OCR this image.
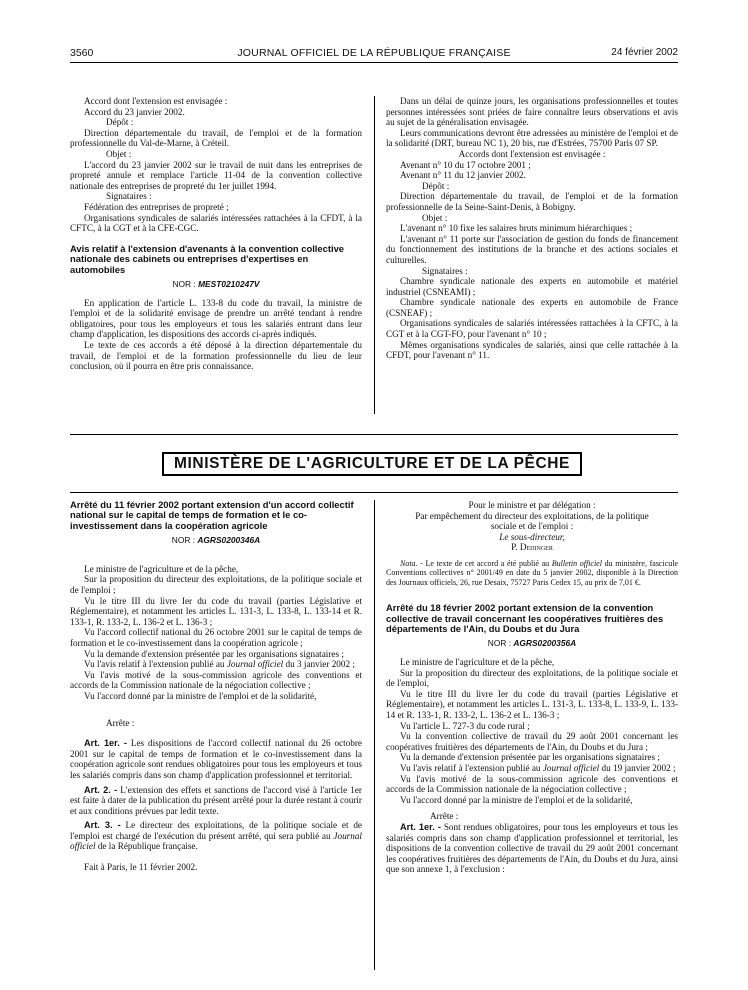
3560	JOURNAL OFFICIEL DE LA RÉPUBLIQUE FRANÇAISE	24 février 2002

Accord dont l'extension est envisagée :

Accord du 23 janvier 2002.

Dépôt :

Direction départementale du travail, de l'emploi et de la formation professionnelle du Val-de-Marne, à Créteil.

Objet :

L'accord du 23 janvier 2002 sur le travail de nuit dans les entreprises de propreté annule et remplace l'article 11-04 de la convention collective nationale des entreprises de propreté du 1er juillet 1994.

Signataires :

Fédération des entreprises de propreté ;

Organisations syndicales de salariés intéressées rattachées à la CFDT, à la CFTC, à la CGT et à la CFE-CGC.

Avis relatif à l'extension d'avenants à la convention collective nationale des cabinets ou entreprises d'expertises en automobiles

NOR : MEST0210247V

En application de l'article L. 133-8 du code du travail, la ministre de l'emploi et de la solidarité envisage de prendre un arrêté tendant à rendre obligatoires, pour tous les employeurs et tous les salariés entrant dans leur champ d'application, les dispositions des accords ci-après indiqués.

Le texte de ces accords a été déposé à la direction départementale du travail, de l'emploi et de la formation professionnelle du lieu de leur conclusion, où il pourra en être pris connaissance.

Dans un délai de quinze jours, les organisations professionnelles et toutes personnes intéressées sont priées de faire connaître leurs observations et avis au sujet de la généralisation envisagée.

Leurs communications devront être adressées au ministère de l'emploi et de la solidarité (DRT, bureau NC 1), 20 bis, rue d'Estrées, 75700 Paris 07 SP.

Accords dont l'extension est envisagée :

Avenant n° 10 du 17 octobre 2001 ;

Avenant n° 11 du 12 janvier 2002.

Dépôt :

Direction départementale du travail, de l'emploi et de la formation professionnelle de la Seine-Saint-Denis, à Bobigny.

Objet :

L'avenant n° 10 fixe les salaires bruts minimum hiérarchiques ;

L'avenant n° 11 porte sur l'association de gestion du fonds de financement du fonctionnement des institutions de la branche et des actions sociales et culturelles.

Signataires :

Chambre syndicale nationale des experts en automobile et matériel industriel (CSNEAMI) ;

Chambre syndicale nationale des experts en automobile de France (CSNEAF) ;

Organisations syndicales de salariés intéressées rattachées à la CFTC, à la CGT et à la CGT-FO, pour l'avenant n° 10 ;

Mêmes organisations syndicales de salariés, ainsi que celle rattachée à la CFDT, pour l'avenant n° 11.

MINISTÈRE DE L'AGRICULTURE ET DE LA PÊCHE

Arrêté du 11 février 2002 portant extension d'un accord collectif national sur le capital de temps de formation et le co-investissement dans la coopération agricole

NOR : AGRS0200346A

Le ministre de l'agriculture et de la pêche,

Sur la proposition du directeur des exploitations, de la politique sociale et de l'emploi ;

Vu le titre III du livre Ier du code du travail (parties Législative et Réglementaire), et notamment les articles L. 131-3, L. 133-8, L. 133-14 et R. 133-1, R. 133-2, L. 136-2 et L. 136-3 ;

Vu l'accord collectif national du 26 octobre 2001 sur le capital de temps de formation et le co-investissement dans la coopération agricole ;

Vu la demande d'extension présentée par les organisations signataires ;

Vu l'avis relatif à l'extension publié au Journal officiel du 3 janvier 2002 ;

Vu l'avis motivé de la sous-commission agricole des conventions et accords de la Commission nationale de la négociation collective ;

Vu l'accord donné par la ministre de l'emploi et de la solidarité,

Arrête :

Art. 1er. - Les dispositions de l'accord collectif national du 26 octobre 2001 sur le capital de temps de formation et le co-investissement dans la coopération agricole sont rendues obligatoires pour tous les employeurs et tous les salariés compris dans son champ d'application professionnel et territorial.

Art. 2. - L'extension des effets et sanctions de l'accord visé à l'article 1er est faite à dater de la publication du présent arrêté pour la durée restant à courir et aux conditions prévues par ledit texte.

Art. 3. - Le directeur des exploitations, de la politique sociale et de l'emploi est chargé de l'exécution du présent arrêté, qui sera publié au Journal officiel de la République française.

Fait à Paris, le 11 février 2002.

Pour le ministre et par délégation :

Par empêchement du directeur des exploitations, de la politique sociale et de l'emploi :

Le sous-directeur,

P. Dedinger

Nota. - Le texte de cet accord a été publié au Bulletin officiel du ministère, fascicule Conventions collectives n° 2001/49 en date du 5 janvier 2002, disponible à la Direction des Journaux officiels, 26, rue Desaix, 75727 Paris Cedex 15, au prix de 7,01 €.

Arrêté du 18 février 2002 portant extension de la convention collective de travail concernant les coopératives fruitières des départements de l'Ain, du Doubs et du Jura

NOR : AGRS0200356A

Le ministre de l'agriculture et de la pêche,

Sur la proposition du directeur des exploitations, de la politique sociale et de l'emploi,

Vu le titre III du livre Ier du code du travail (parties Législative et Réglementaire), et notamment les articles L. 131-3, L. 133-8, L. 133-9, L. 133-14 et R. 133-1, R. 133-2, L. 136-2 et L. 136-3 ;

Vu l'article L. 727-3 du code rural ;

Vu la convention collective de travail du 29 août 2001 concernant les coopératives fruitières des départements de l'Ain, du Doubs et du Jura ;

Vu la demande d'extension présentée par les organisations signataires ;

Vu l'avis relatif à l'extension publié au Journal officiel du 19 janvier 2002 ;

Vu l'avis motivé de la sous-commission agricole des conventions et accords de la Commission nationale de la négociation collective ;

Vu l'accord donné par la ministre de l'emploi et de la solidarité,

Arrête :

Art. 1er. - Sont rendues obligatoires, pour tous les employeurs et tous les salariés compris dans son champ d'application professionnel et territorial, les dispositions de la convention collective de travail du 29 août 2001 concernant les coopératives fruitières des départements de l'Ain, du Doubs et du Jura, ainsi que son annexe 1, à l'exclusion :
